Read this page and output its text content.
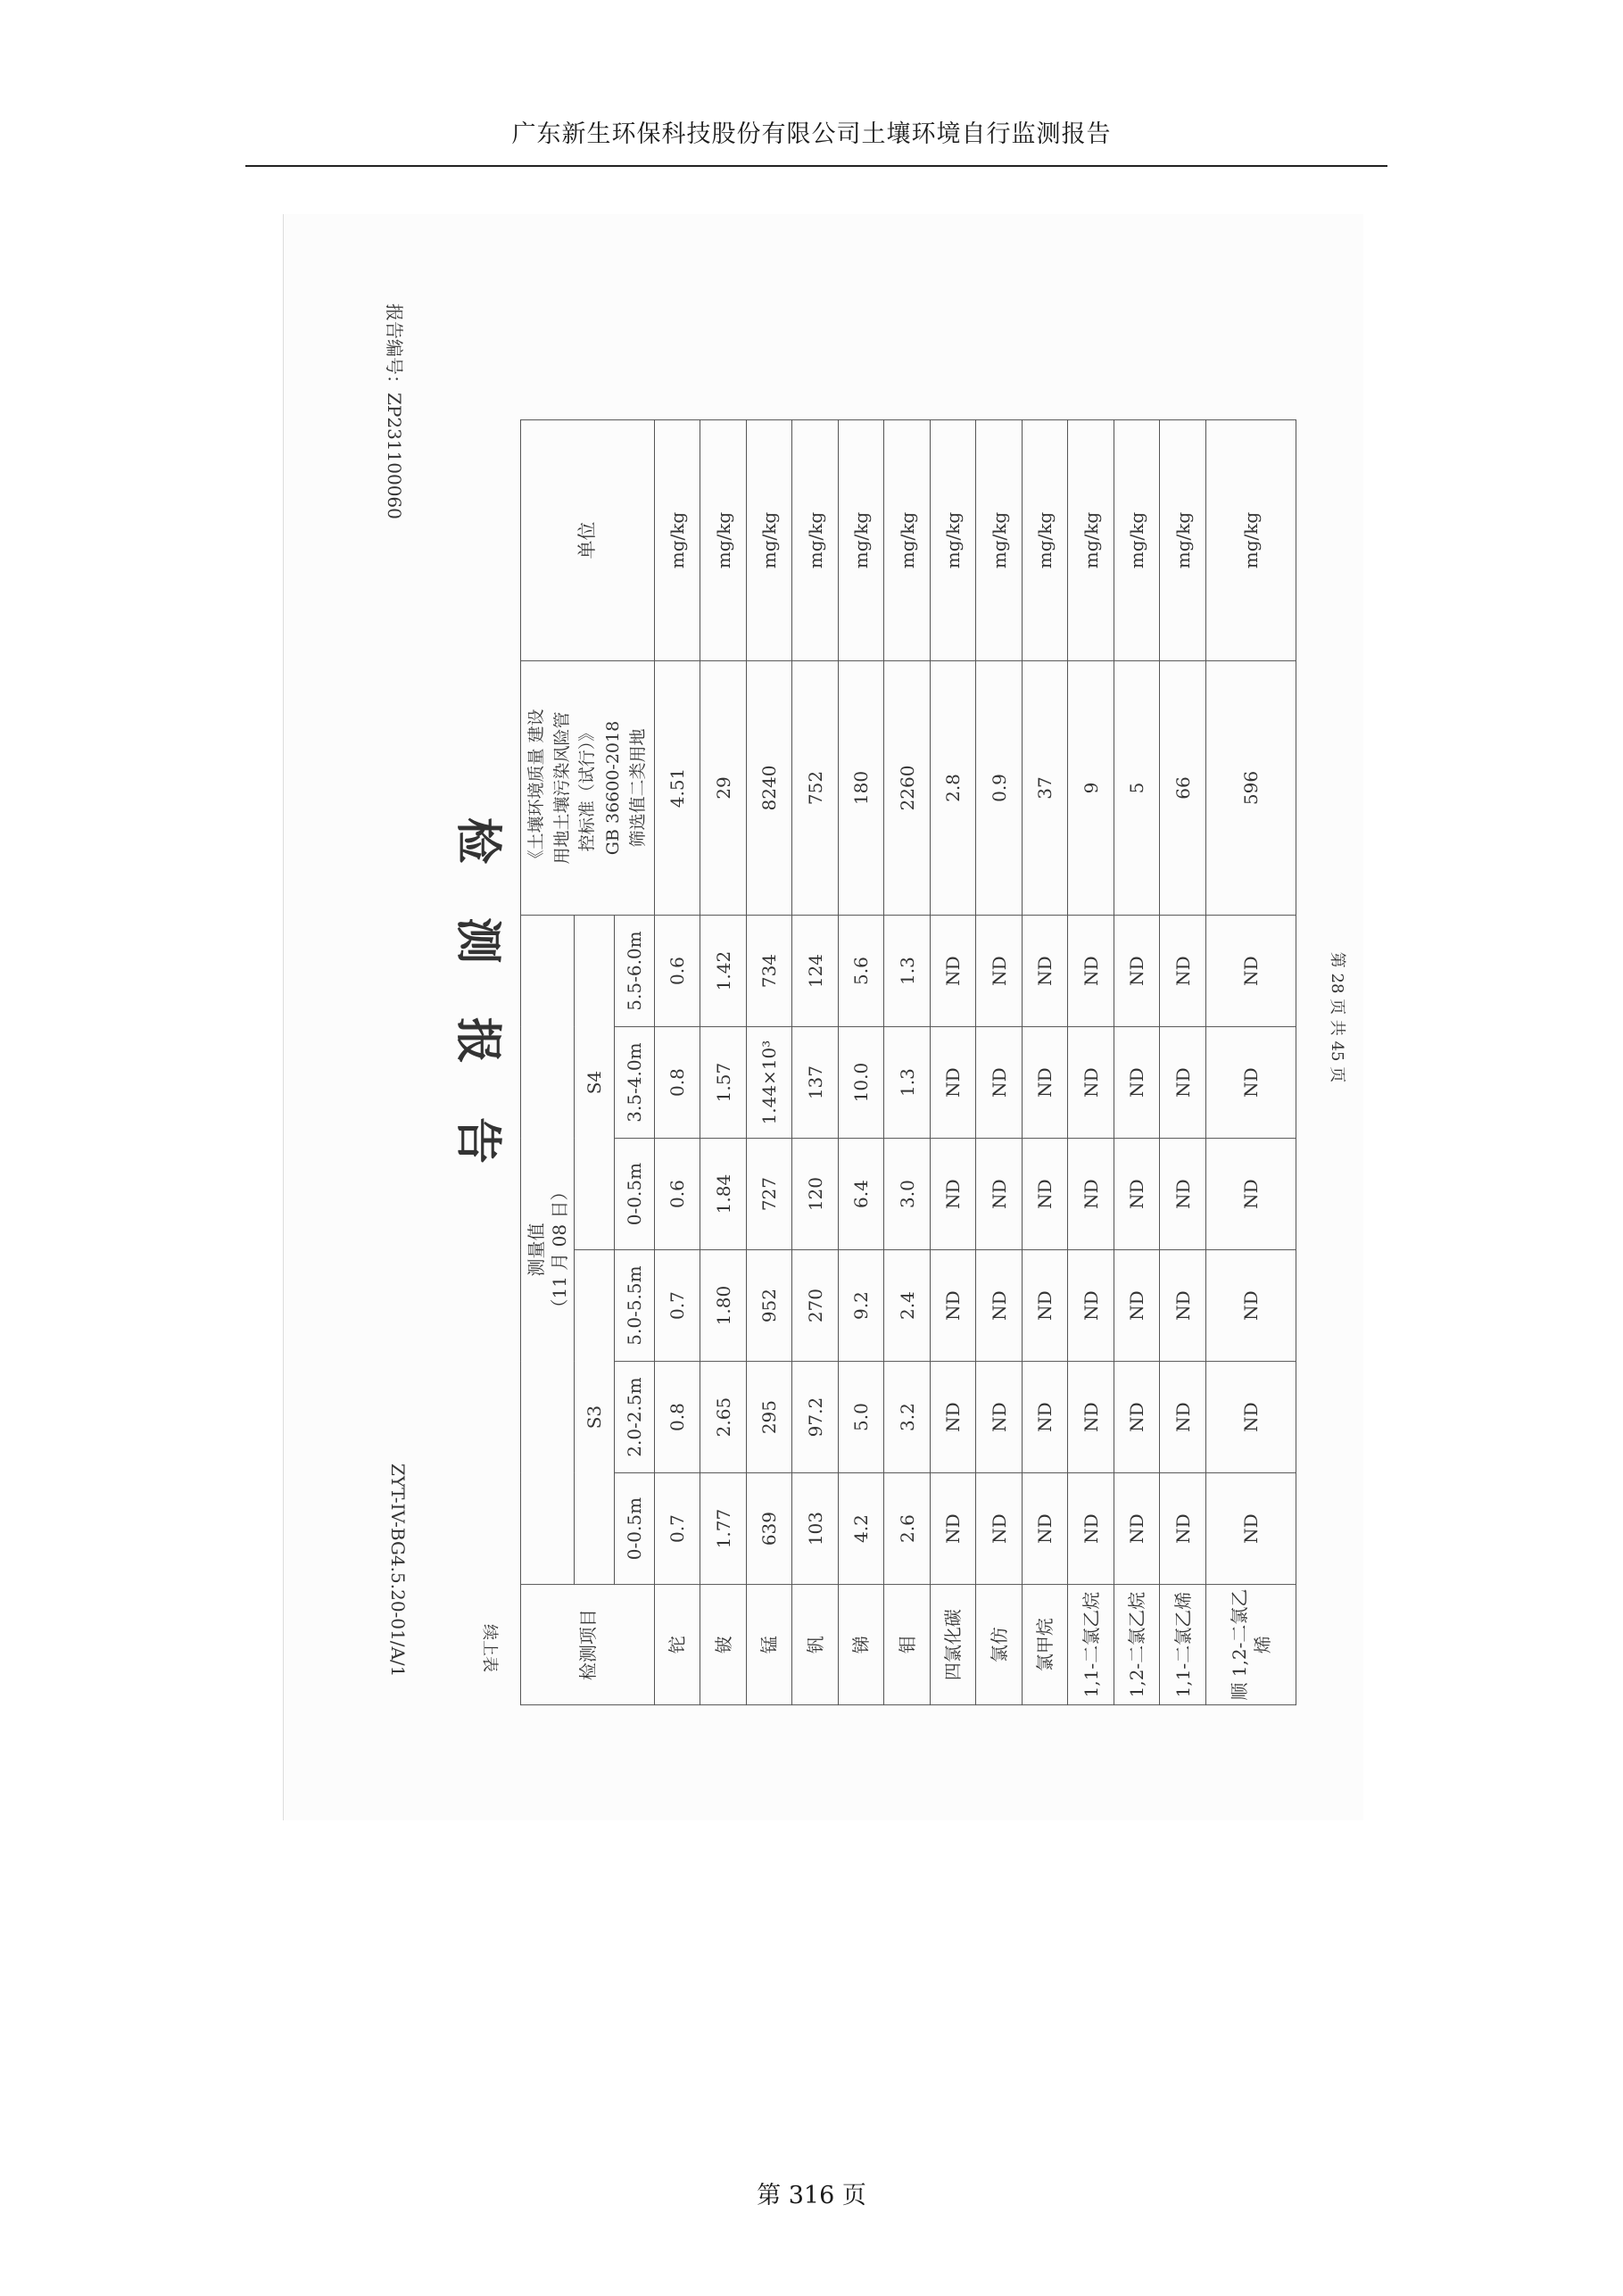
广东新生环保科技股份有限公司土壤环境自行监测报告
报告编号：ZP231100060
ZYT-IV-BG4.5.20-01/A/1
检测报告
续上表	检测项目	测量值 （11 月 08 日）						《土壤环境质量 建设 用地土壤污染风险管 控标准（试行）》 GB 36600-2018 筛选值二类用地	单位
	S3			S4				
	0-0.5m	2.0-2.5m	5.0-5.5m	0-0.5m	3.5-4.0m	5.5-6.0m		
铊	0.7	0.8	0.7	0.6	0.8	0.6	4.51	mg/kg
铍	1.77	2.65	1.80	1.84	1.57	1.42	29	mg/kg
锰	639	295	952	727	1.44×10³	734	8240	mg/kg
钒	103	97.2	270	120	137	124	752	mg/kg
锑	4.2	5.0	9.2	6.4	10.0	5.6	180	mg/kg
钼	2.6	3.2	2.4	3.0	1.3	1.3	2260	mg/kg
四氯化碳	ND	ND	ND	ND	ND	ND	2.8	mg/kg
氯仿	ND	ND	ND	ND	ND	ND	0.9	mg/kg
氯甲烷	ND	ND	ND	ND	ND	ND	37	mg/kg
1,1-二氯乙烷	ND	ND	ND	ND	ND	ND	9	mg/kg
1,2-二氯乙烷	ND	ND	ND	ND	ND	ND	5	mg/kg
1,1-二氯乙烯	ND	ND	ND	ND	ND	ND	66	mg/kg
顺 1,2-二氯乙烯	ND	ND	ND	ND	ND	ND	596	mg/kg
第 28 页 共 45 页
第 316 页
